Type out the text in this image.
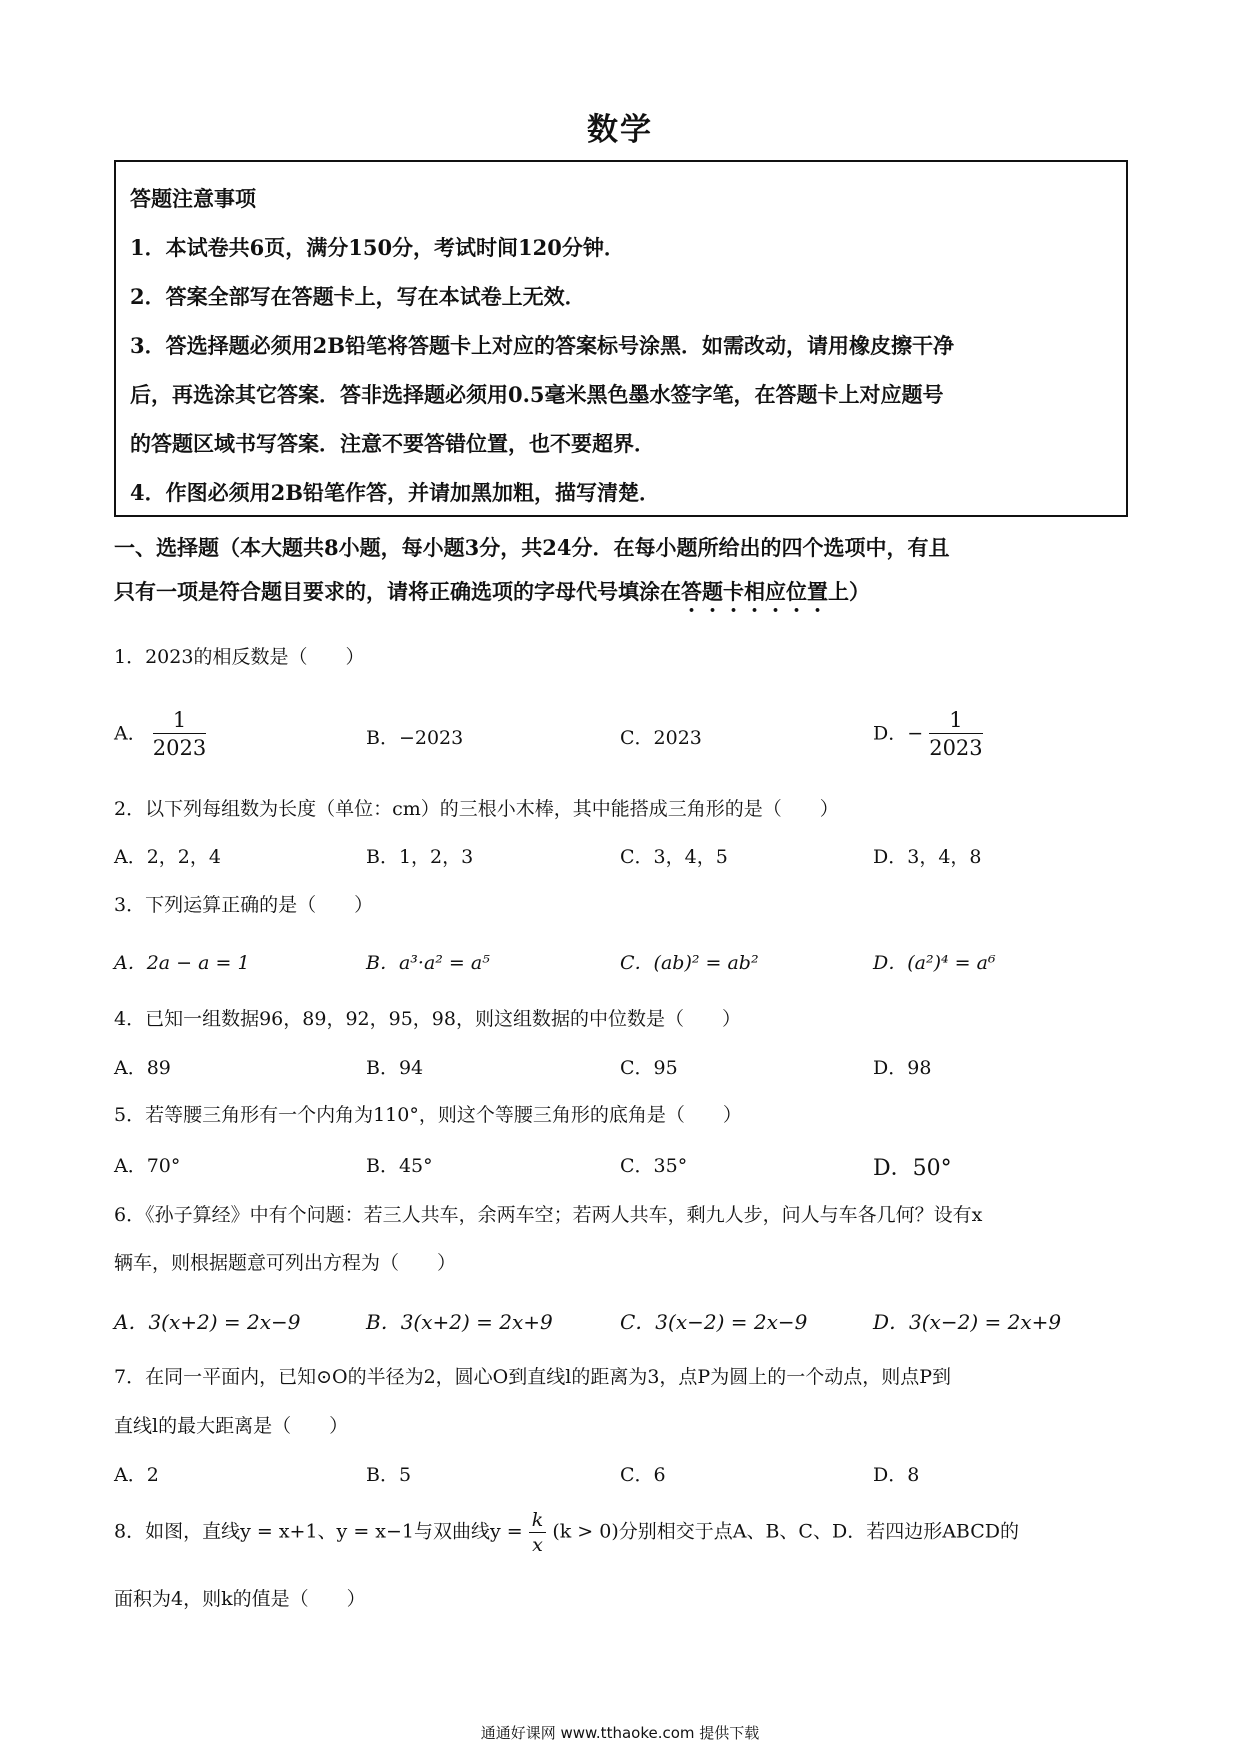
数学
答题注意事项
1．本试卷共6页，满分150分，考试时间120分钟．
2．答案全部写在答题卡上，写在本试卷上无效．
3．答选择题必须用2B铅笔将答题卡上对应的答案标号涂黑．如需改动，请用橡皮擦干净
后，再选涂其它答案．答非选择题必须用0.5毫米黑色墨水签字笔，在答题卡上对应题号
的答题区域书写答案．注意不要答错位置，也不要超界．
4．作图必须用2B铅笔作答，并请加黑加粗，描写清楚．
一、选择题（本大题共8小题，每小题3分，共24分．在每小题所给出的四个选项中，有且
只有一项是符合题目要求的，请将正确选项的字母代号填涂在答题卡相应位置上）
1．2023的相反数是（　　）
A． $\frac{1}{2023}$	B．−2023	C．2023	D．− $\frac{1}{2023}$
2．以下列每组数为长度（单位：cm）的三根小木棒，其中能搭成三角形的是（　　）
A．2，2，4	B．1，2，3	C．3，4，5	D．3，4，8
3．下列运算正确的是（　　）
A．2a − a = 1	B．a³·a² = a⁵	C．(ab)² = ab²	D．(a²)⁴ = a⁶
4．已知一组数据96，89，92，95，98，则这组数据的中位数是（　　）
A．89	B．94	C．95	D．98
5．若等腰三角形有一个内角为110°，则这个等腰三角形的底角是（　　）
A．70°	B．45°	C．35°	D．50°
6．《孙子算经》中有个问题：若三人共车，余两车空；若两人共车，剩九人步，问人与车各几何？设有x
辆车，则根据题意可列出方程为（　　）
A．3(x+2) = 2x−9	B．3(x+2) = 2x+9	C．3(x−2) = 2x−9	D．3(x−2) = 2x+9
7．在同一平面内，已知⊙O的半径为2，圆心O到直线l的距离为3，点P为圆上的一个动点，则点P到
直线l的最大距离是（　　）
A．2	B．5	C．6	D．8
8．如图，直线y = x+1、y = x−1与双曲线$y = \frac{k}{x} (k > 0)$分别相交于点A、B、C、D．若四边形ABCD的
面积为4，则k的值是（　　）
通通好课网 www.tthaoke.com 提供下载
